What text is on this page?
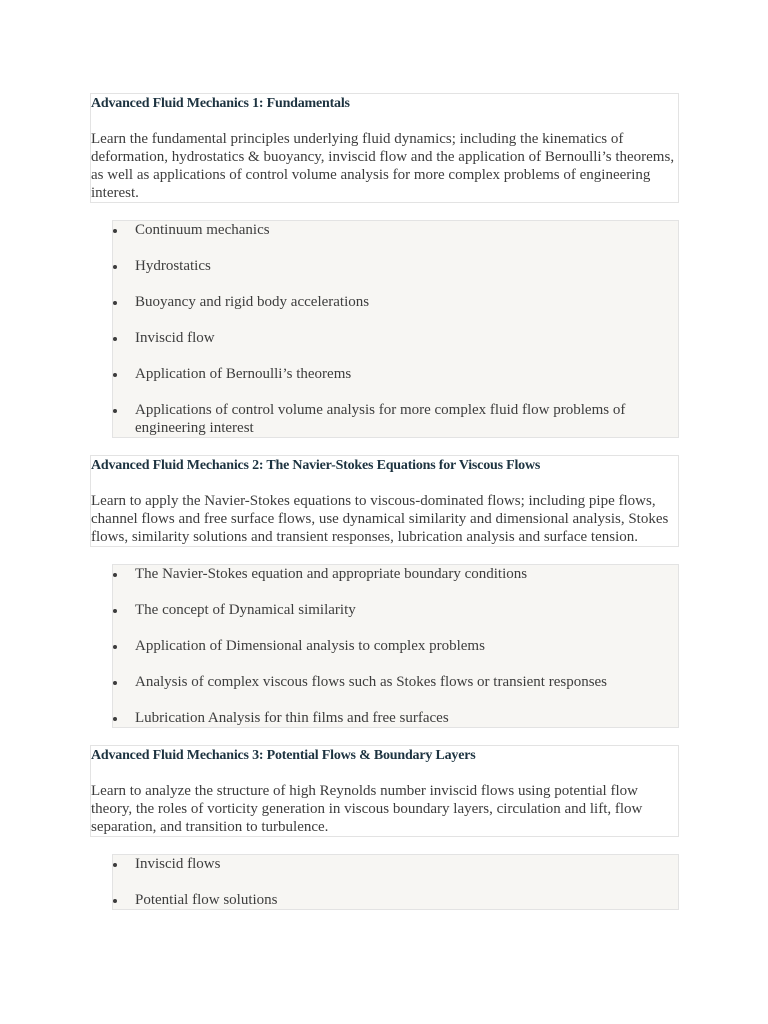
Advanced Fluid Mechanics 1: Fundamentals

Learn the fundamental principles underlying fluid dynamics; including the kinematics of deformation, hydrostatics & buoyancy, inviscid flow and the application of Bernoulli’s theorems, as well as applications of control volume analysis for more complex problems of engineering interest.

Continuum mechanics
Hydrostatics
Buoyancy and rigid body accelerations
Inviscid flow
Application of Bernoulli’s theorems
Applications of control volume analysis for more complex fluid flow problems of engineering interest
Advanced Fluid Mechanics 2: The Navier-Stokes Equations for Viscous Flows

Learn to apply the Navier-Stokes equations to viscous-dominated flows; including pipe flows, channel flows and free surface flows, use dynamical similarity and dimensional analysis, Stokes flows, similarity solutions and transient responses, lubrication analysis and surface tension.

The Navier-Stokes equation and appropriate boundary conditions
The concept of Dynamical similarity
Application of Dimensional analysis to complex problems
Analysis of complex viscous flows such as Stokes flows or transient responses
Lubrication Analysis for thin films and free surfaces
Advanced Fluid Mechanics 3: Potential Flows & Boundary Layers

Learn to analyze the structure of high Reynolds number inviscid flows using potential flow theory, the roles of vorticity generation in viscous boundary layers, circulation and lift, flow separation, and transition to turbulence.

Inviscid flows
Potential flow solutions
